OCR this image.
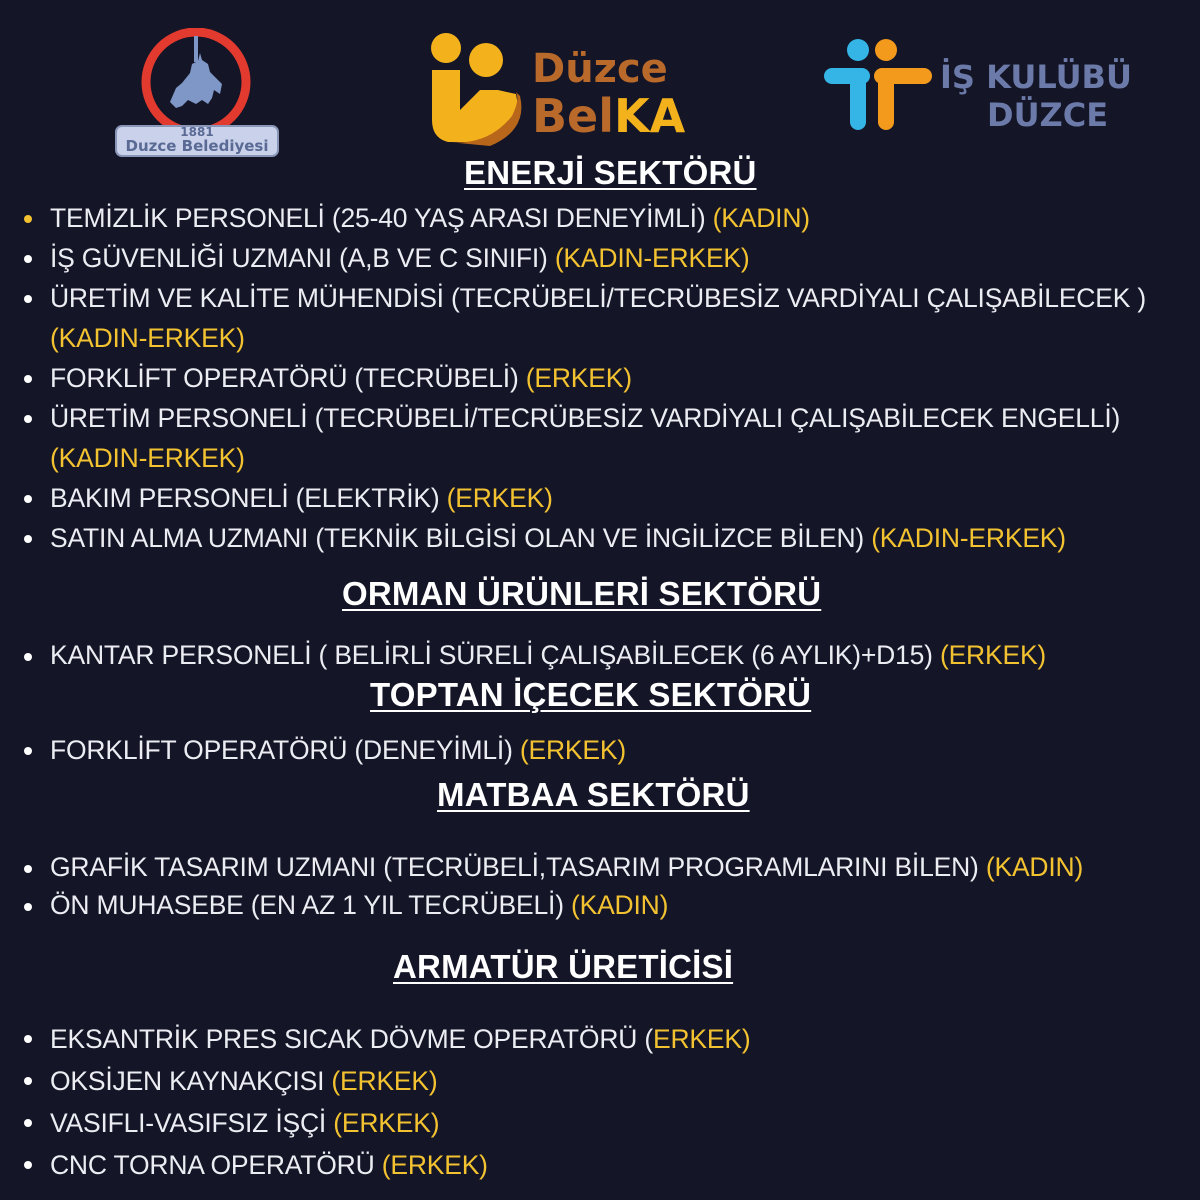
1881
Duzce Belediyesi
Düzce
BelKA
İŞ KULÜBÜ
DÜZCE
ENERJİ SEKTÖRÜ
TEMİZLİK PERSONELİ (25-40 YAŞ ARASI DENEYİMLİ) (KADIN)
İŞ GÜVENLİĞİ UZMANI (A,B VE C SINIFI) (KADIN-ERKEK)
ÜRETİM VE KALİTE MÜHENDİSİ (TECRÜBELİ/TECRÜBESİZ VARDİYALI ÇALIŞABİLECEK ) (KADIN-ERKEK)
FORKLİFT OPERATÖRÜ (TECRÜBELİ) (ERKEK)
ÜRETİM PERSONELİ (TECRÜBELİ/TECRÜBESİZ VARDİYALI ÇALIŞABİLECEK ENGELLİ) (KADIN-ERKEK)
BAKIM PERSONELİ (ELEKTRİK) (ERKEK)
SATIN ALMA UZMANI (TEKNİK BİLGİSİ OLAN VE İNGİLİZCE BİLEN) (KADIN-ERKEK)
ORMAN ÜRÜNLERİ SEKTÖRÜ
KANTAR PERSONELİ ( BELİRLİ SÜRELİ ÇALIŞABİLECEK (6 AYLIK)+D15) (ERKEK)
TOPTAN İÇECEK SEKTÖRÜ
FORKLİFT OPERATÖRÜ (DENEYİMLİ) (ERKEK)
MATBAA SEKTÖRÜ
GRAFİK TASARIM UZMANI (TECRÜBELİ,TASARIM PROGRAMLARINI BİLEN) (KADIN)
ÖN MUHASEBE (EN AZ 1 YIL TECRÜBELİ) (KADIN)
ARMATÜR ÜRETİCİSİ
EKSANTRİK PRES SICAK DÖVME OPERATÖRÜ (ERKEK)
OKSİJEN KAYNAKÇISI (ERKEK)
VASIFLI-VASIFSIZ İŞÇİ (ERKEK)
CNC TORNA OPERATÖRÜ (ERKEK)
